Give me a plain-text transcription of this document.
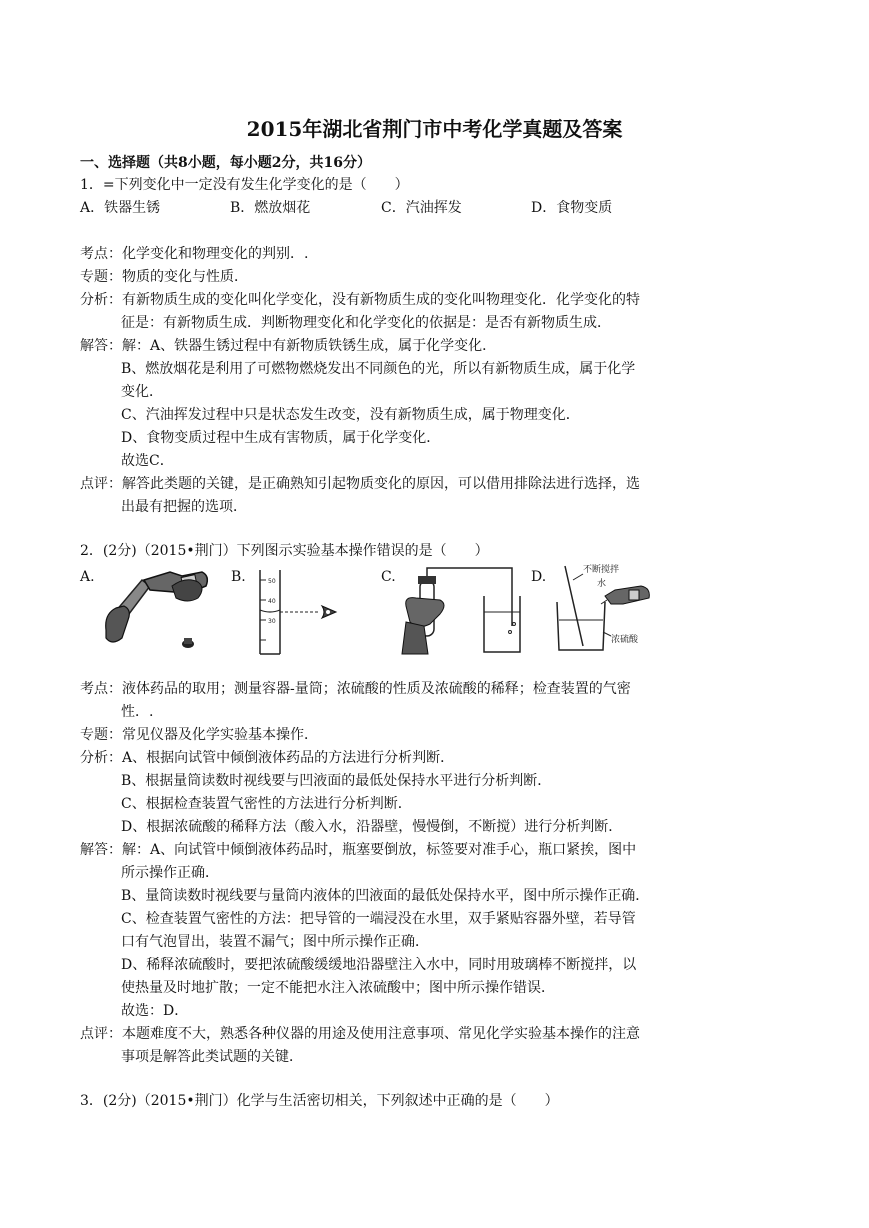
2015年湖北省荆门市中考化学真题及答案
一、选择题（共8小题，每小题2分，共16分）
1．=下列变化中一定没有发生化学变化的是（　　）
A．铁器生锈	B．燃放烟花	C．汽油挥发	D．食物变质
考点：化学变化和物理变化的判别．.
专题：物质的变化与性质．
分析：有新物质生成的变化叫化学变化，没有新物质生成的变化叫物理变化．化学变化的特
征是：有新物质生成．判断物理变化和化学变化的依据是：是否有新物质生成．
解答：解：A、铁器生锈过程中有新物质铁锈生成，属于化学变化．
B、燃放烟花是利用了可燃物燃烧发出不同颜色的光，所以有新物质生成，属于化学
变化．
C、汽油挥发过程中只是状态发生改变，没有新物质生成，属于物理变化．
D、食物变质过程中生成有害物质，属于化学变化．
故选C．
点评：解答此类题的关键，是正确熟知引起物质变化的原因，可以借用排除法进行选择，选
出最有把握的选项．
2．(2分)（2015•荆门）下列图示实验基本操作错误的是（　　）
A.	B.	C.	D.
50
40
30
不断搅拌
水
浓硫酸
考点：液体药品的取用；测量容器-量筒；浓硫酸的性质及浓硫酸的稀释；检查装置的气密
性．.
专题：常见仪器及化学实验基本操作．
分析：A、根据向试管中倾倒液体药品的方法进行分析判断．
B、根据量筒读数时视线要与凹液面的最低处保持水平进行分析判断．
C、根据检查装置气密性的方法进行分析判断．
D、根据浓硫酸的稀释方法（酸入水，沿器壁，慢慢倒，不断搅）进行分析判断．
解答：解：A、向试管中倾倒液体药品时，瓶塞要倒放，标签要对准手心，瓶口紧挨，图中
所示操作正确．
B、量筒读数时视线要与量筒内液体的凹液面的最低处保持水平，图中所示操作正确．
C、检查装置气密性的方法：把导管的一端浸没在水里，双手紧贴容器外壁，若导管
口有气泡冒出，装置不漏气；图中所示操作正确．
D、稀释浓硫酸时，要把浓硫酸缓缓地沿器壁注入水中，同时用玻璃棒不断搅拌，以
使热量及时地扩散；一定不能把水注入浓硫酸中；图中所示操作错误．
故选：D．
点评：本题难度不大，熟悉各种仪器的用途及使用注意事项、常见化学实验基本操作的注意
事项是解答此类试题的关键．
3．(2分)（2015•荆门）化学与生活密切相关，下列叙述中正确的是（　　）
